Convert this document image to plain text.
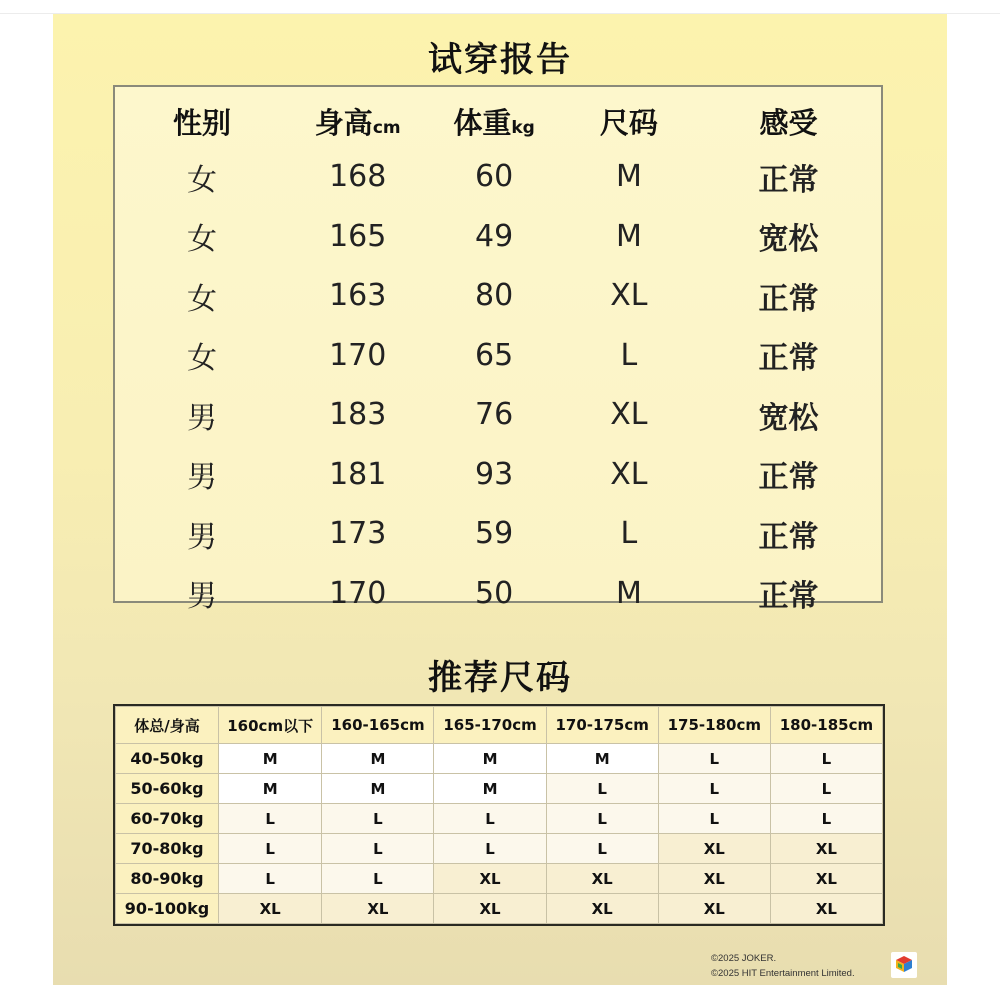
试穿报告
性别	身高cm	体重kg	尺码	感受
女	168	60	M	正常
女	165	49	M	宽松
女	163	80	XL	正常
女	170	65	L	正常
男	183	76	XL	宽松
男	181	93	XL	正常
男	173	59	L	正常
男	170	50	M	正常
推荐尺码
体总/身高	160cm以下	160-165cm	165-170cm	170-175cm	175-180cm	180-185cm
40-50kg	M	M	M	M	L	L
50-60kg	M	M	M	L	L	L
60-70kg	L	L	L	L	L	L
70-80kg	L	L	L	L	XL	XL
80-90kg	L	L	XL	XL	XL	XL
90-100kg	XL	XL	XL	XL	XL	XL
©2025 JOKER.
©2025 HIT Entertainment Limited.
